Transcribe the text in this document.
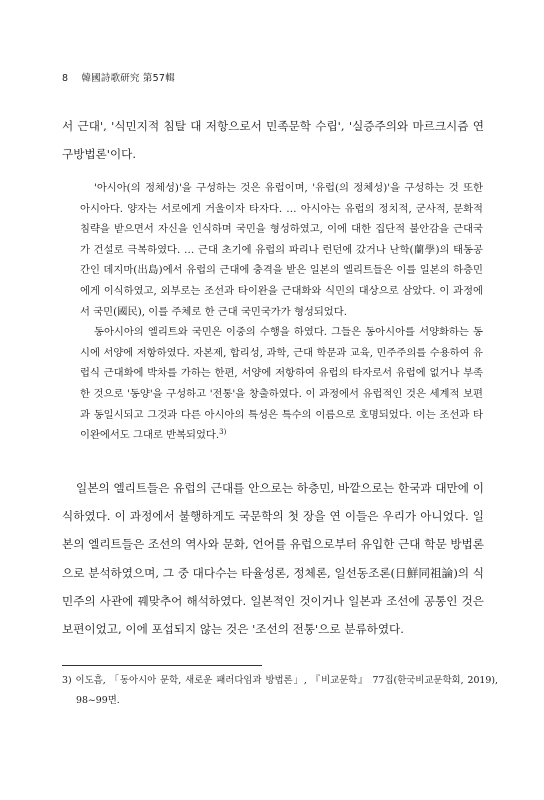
8 韓國詩歌研究 第57輯

서 근대', '식민지적 침탈 대 저항으로서 민족문학 수립', '실증주의와 마르크시즘 연구방법론'이다.

'아시아(의 정체성)'을 구성하는 것은 유럽이며, '유럽(의 정체성)'을 구성하는 것 또한 아시아다. 양자는 서로에게 거울이자 타자다. … 아시아는 유럽의 정치적, 군사적, 문화적 침략을 받으면서 자신을 인식하며 국민을 형성하였고, 이에 대한 집단적 불안감을 근대국가 건설로 극복하였다. … 근대 초기에 유럽의 파리나 런던에 갔거나 난학(蘭學)의 태동공간인 데지마(出島)에서 유럽의 근대에 충격을 받은 일본의 엘리트들은 이를 일본의 하층민에게 이식하였고, 외부로는 조선과 타이완을 근대화와 식민의 대상으로 삼았다. 이 과정에서 국민(國民), 이를 주체로 한 근대 국민국가가 형성되었다.

동아시아의 엘리트와 국민은 이중의 수행을 하였다. 그들은 동아시아를 서양화하는 동시에 서양에 저항하였다. 자본제, 합리성, 과학, 근대 학문과 교육, 민주주의를 수용하여 유럽식 근대화에 박차를 가하는 한편, 서양에 저항하여 유럽의 타자로서 유럽에 없거나 부족한 것으로 '동양'을 구성하고 '전통'을 창출하였다. 이 과정에서 유럽적인 것은 세계적 보편과 동일시되고 그것과 다른 아시아의 특성은 특수의 이름으로 호명되었다. 이는 조선과 타이완에서도 그대로 반복되었다.$^{3)}$

일본의 엘리트들은 유럽의 근대를 안으로는 하층민, 바깥으로는 한국과 대만에 이식하였다. 이 과정에서 불행하게도 국문학의 첫 장을 연 이들은 우리가 아니었다. 일본의 엘리트들은 조선의 역사와 문화, 언어를 유럽으로부터 유입한 근대 학문 방법론으로 분석하였으며, 그 중 대다수는 타율성론, 정체론, 일선동조론(日鮮同祖論)의 식민주의 사관에 꿰맞추어 해석하였다. 일본적인 것이거나 일본과 조선에 공통인 것은 보편이었고, 이에 포섭되지 않는 것은 '조선의 전통'으로 분류하였다.

3) 이도흠, 「동아시아 문학, 새로운 패러다임과 방법론」, 『비교문학』 77집(한국비교문학회, 2019), 98~99면.
